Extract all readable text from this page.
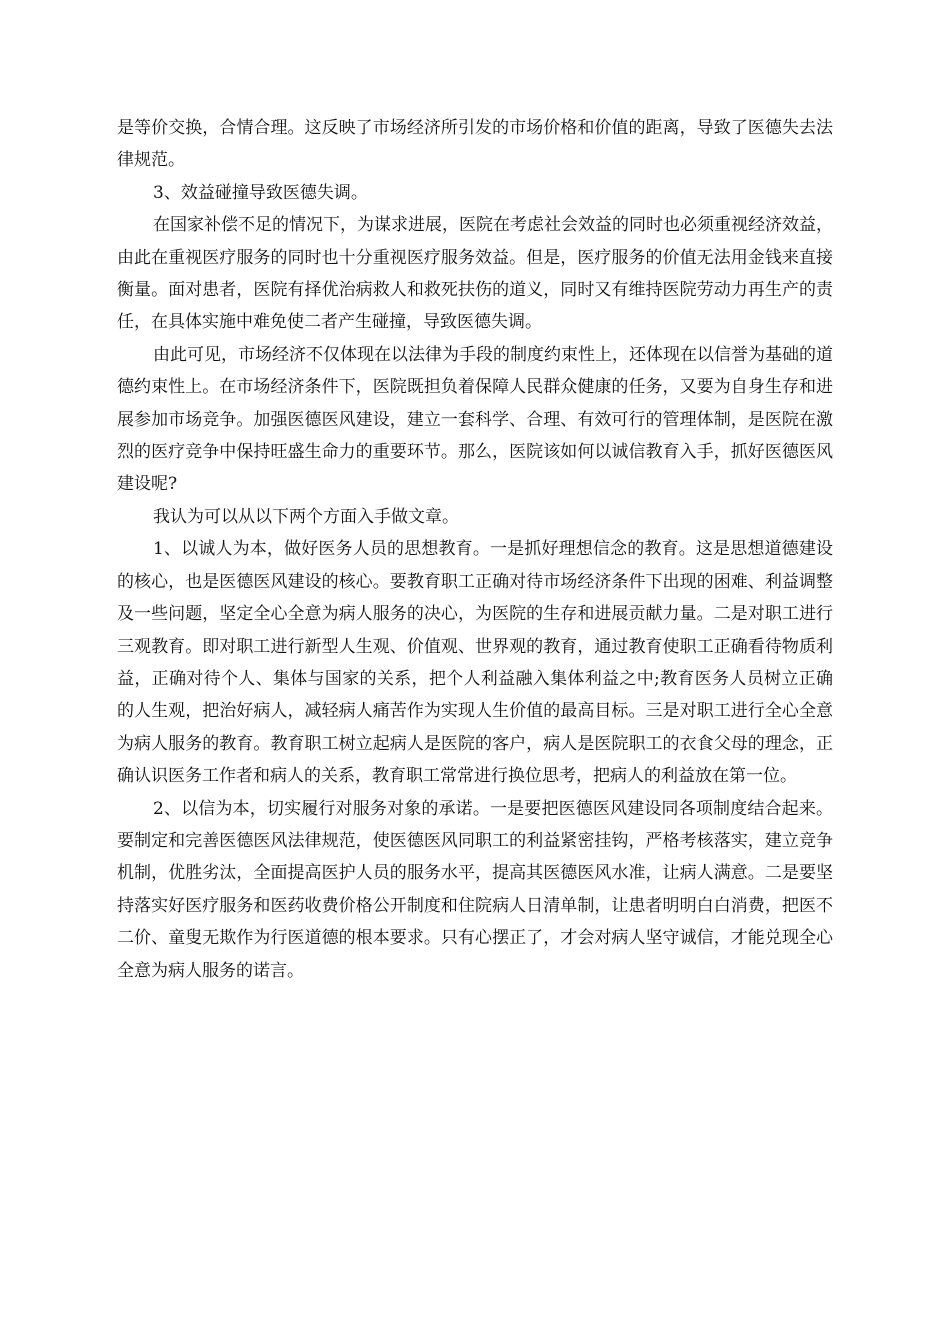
是等价交换，合情合理。这反映了市场经济所引发的市场价格和价值的距离，导致了医德失去法律规范。

3、效益碰撞导致医德失调。

在国家补偿不足的情况下，为谋求进展，医院在考虑社会效益的同时也必须重视经济效益，由此在重视医疗服务的同时也十分重视医疗服务效益。但是，医疗服务的价值无法用金钱来直接衡量。面对患者，医院有择优治病救人和救死扶伤的道义，同时又有维持医院劳动力再生产的责任，在具体实施中难免使二者产生碰撞，导致医德失调。

由此可见，市场经济不仅体现在以法律为手段的制度约束性上，还体现在以信誉为基础的道德约束性上。在市场经济条件下，医院既担负着保障人民群众健康的任务，又要为自身生存和进展参加市场竞争。加强医德医风建设，建立一套科学、合理、有效可行的管理体制，是医院在激烈的医疗竞争中保持旺盛生命力的重要环节。那么，医院该如何以诚信教育入手，抓好医德医风建设呢?

我认为可以从以下两个方面入手做文章。

1、以诚人为本，做好医务人员的思想教育。一是抓好理想信念的教育。这是思想道德建设的核心，也是医德医风建设的核心。要教育职工正确对待市场经济条件下出现的困难、利益调整及一些问题，坚定全心全意为病人服务的决心，为医院的生存和进展贡献力量。二是对职工进行三观教育。即对职工进行新型人生观、价值观、世界观的教育，通过教育使职工正确看待物质利益，正确对待个人、集体与国家的关系，把个人利益融入集体利益之中;教育医务人员树立正确的人生观，把治好病人，减轻病人痛苦作为实现人生价值的最高目标。三是对职工进行全心全意为病人服务的教育。教育职工树立起病人是医院的客户，病人是医院职工的衣食父母的理念，正确认识医务工作者和病人的关系，教育职工常常进行换位思考，把病人的利益放在第一位。

2、以信为本，切实履行对服务对象的承诺。一是要把医德医风建设同各项制度结合起来。要制定和完善医德医风法律规范，使医德医风同职工的利益紧密挂钩，严格考核落实，建立竞争机制，优胜劣汰，全面提高医护人员的服务水平，提高其医德医风水准，让病人满意。二是要坚持落实好医疗服务和医药收费价格公开制度和住院病人日清单制，让患者明明白白消费，把医不二价、童叟无欺作为行医道德的根本要求。只有心摆正了，才会对病人坚守诚信，才能兑现全心全意为病人服务的诺言。
